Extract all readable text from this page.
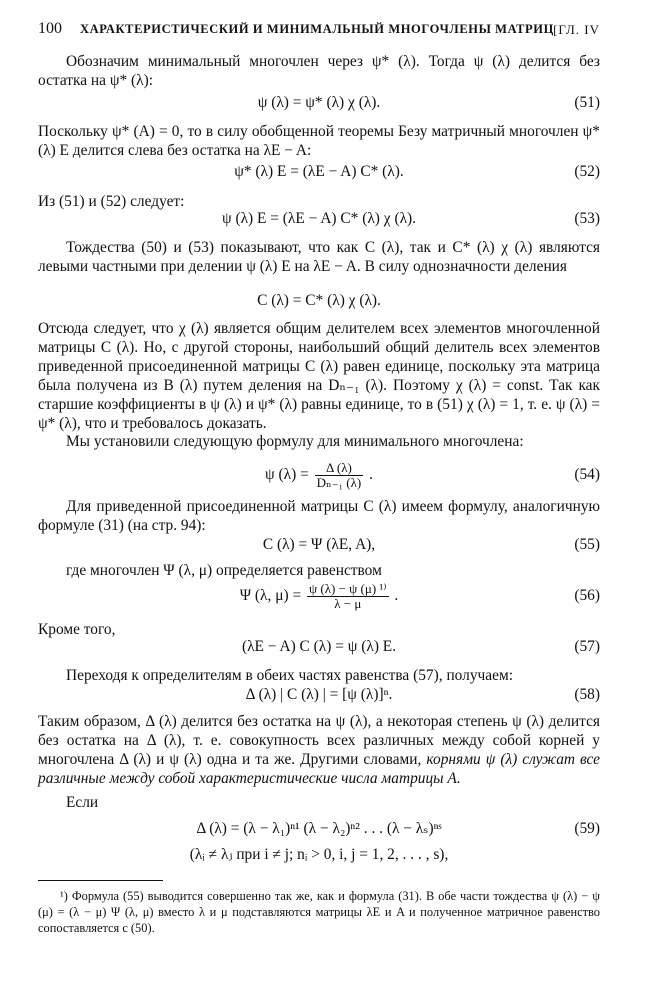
100 ХАРАКТЕРИСТИЧЕСКИЙ И МИНИМАЛЬНЫЙ МНОГОЧЛЕНЫ МАТРИЦ [ГЛ. IV

Обозначим минимальный многочлен через ψ* (λ). Тогда ψ (λ) делится без остатка на ψ* (λ):

ψ (λ) = ψ* (λ) χ (λ).	(51)

Поскольку ψ* (A) = 0, то в силу обобщенной теоремы Безу матричный многочлен ψ* (λ) E делится слева без остатка на λE − A:

ψ* (λ) E = (λE − A) C* (λ).	(52)

Из (51) и (52) следует:

ψ (λ) E = (λE − A) C* (λ) χ (λ).	(53)

Тождества (50) и (53) показывают, что как C (λ), так и C* (λ) χ (λ) являются левыми частными при делении ψ (λ) E на λE − A. В силу однозначности деления

C (λ) = C* (λ) χ (λ).

Отсюда следует, что χ (λ) является общим делителем всех элементов многочленной матрицы C (λ). Но, с другой стороны, наибольший общий делитель всех элементов приведенной присоединенной матрицы C (λ) равен единице, поскольку эта матрица была получена из B (λ) путем деления на Dₙ₋₁ (λ). Поэтому χ (λ) = const. Так как старшие коэффициенты в ψ (λ) и ψ* (λ) равны единице, то в (51) χ (λ) = 1, т. е. ψ (λ) = ψ* (λ), что и требовалось доказать.

Мы установили следующую формулу для минимального многочлена:

ψ $(\lambda) = \frac{\Delta (\lambda)}{\text{Dₙ₋₁ (λ)}}$ .	(54)

Для приведенной присоединенной матрицы C (λ) имеем формулу, аналогичную формуле (31) (на стр. 94):

C (λ) = Ψ (λE, A),	(55)

где многочлен Ψ (λ, μ) определяется равенством

Ψ (λ, $\mu) = \frac{\text{ψ (λ) − ψ (μ) ¹⁾}}{\lambda - \mu}$ .	(56)

Кроме того,

(λE − A) C (λ) = ψ (λ) E.	(57)

Переходя к определителям в обеих частях равенства (57), получаем:

Δ (λ) | C (λ) | = [ψ (λ)]ⁿ.	(58)

Таким образом, Δ (λ) делится без остатка на ψ (λ), а некоторая степень ψ (λ) делится без остатка на Δ (λ), т. е. совокупность всех различных между собой корней у многочлена Δ (λ) и ψ (λ) одна и та же. Другими словами, корнями ψ (λ) служат все различные между собой характеристические числа матрицы A.

Если

Δ (λ) = (λ − λ₁)ⁿ¹ (λ − λ₂)ⁿ² . . . (λ − λₛ)ⁿˢ	(59)
(λᵢ ≠ λⱼ при i ≠ j; nᵢ > 0, i, j = 1, 2, . . . , s),

¹) Формула (55) выводится совершенно так же, как и формула (31). В обе части тождества ψ (λ) − ψ (μ) = (λ − μ) Ψ (λ, μ) вместо λ и μ подставляются матрицы λE и A и полученное матричное равенство сопоставляется с (50).
